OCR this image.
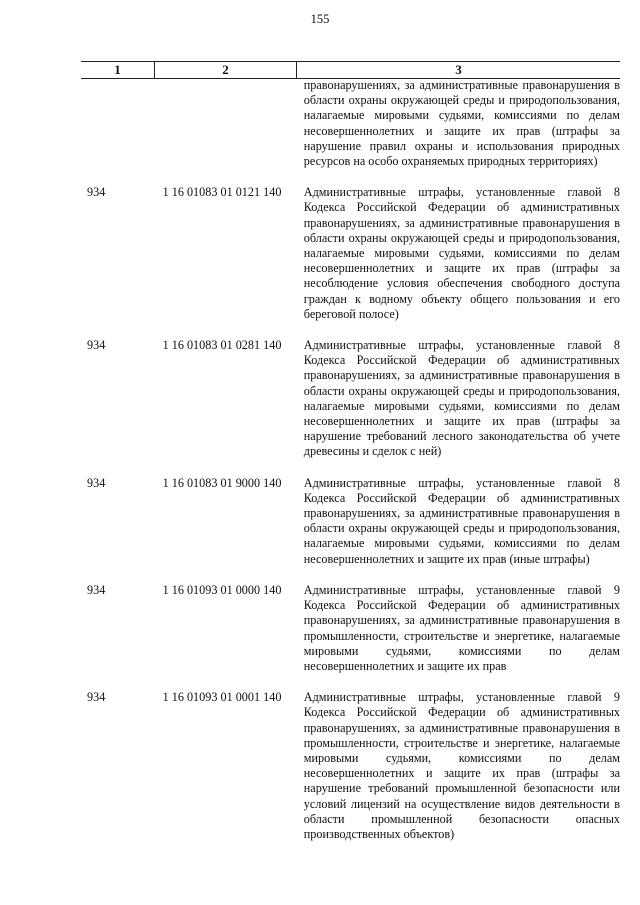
155
1	2	3
правонарушениях, за административные правонарушения в области охраны окружающей среды и природопользования, налагаемые мировыми судьями, комиссиями по делам несовершеннолетних и защите их прав (штрафы за нарушение правил охраны и использования природных ресурсов на особо охраняемых природных территориях)
934	1 16 01083 01 0121 140	Административные штрафы, установленные главой 8 Кодекса Российской Федерации об административных правонарушениях, за административные правонарушения в области охраны окружающей среды и природопользования, налагаемые мировыми судьями, комиссиями по делам несовершеннолетних и защите их прав (штрафы за несоблюдение условия обеспечения свободного доступа граждан к водному объекту общего пользования и его береговой полосе)
934	1 16 01083 01 0281 140	Административные штрафы, установленные главой 8 Кодекса Российской Федерации об административных правонарушениях, за административные правонарушения в области охраны окружающей среды и природопользования, налагаемые мировыми судьями, комиссиями по делам несовершеннолетних и защите их прав (штрафы за нарушение требований лесного законодательства об учете древесины и сделок с ней)
934	1 16 01083 01 9000 140	Административные штрафы, установленные главой 8 Кодекса Российской Федерации об административных правонарушениях, за административные правонарушения в области охраны окружающей среды и природопользования, налагаемые мировыми судьями, комиссиями по делам несовершеннолетних и защите их прав (иные штрафы)
934	1 16 01093 01 0000 140	Административные штрафы, установленные главой 9 Кодекса Российской Федерации об административных правонарушениях, за административные правонарушения в промышленности, строительстве и энергетике, налагаемые мировыми судьями, комиссиями по делам несовершеннолетних и защите их прав
934	1 16 01093 01 0001 140	Административные штрафы, установленные главой 9 Кодекса Российской Федерации об административных правонарушениях, за административные правонарушения в промышленности, строительстве и энергетике, налагаемые мировыми судьями, комиссиями по делам несовершеннолетних и защите их прав (штрафы за нарушение требований промышленной безопасности или условий лицензий на осуществление видов деятельности в области промышленной безопасности опасных производственных объектов)
